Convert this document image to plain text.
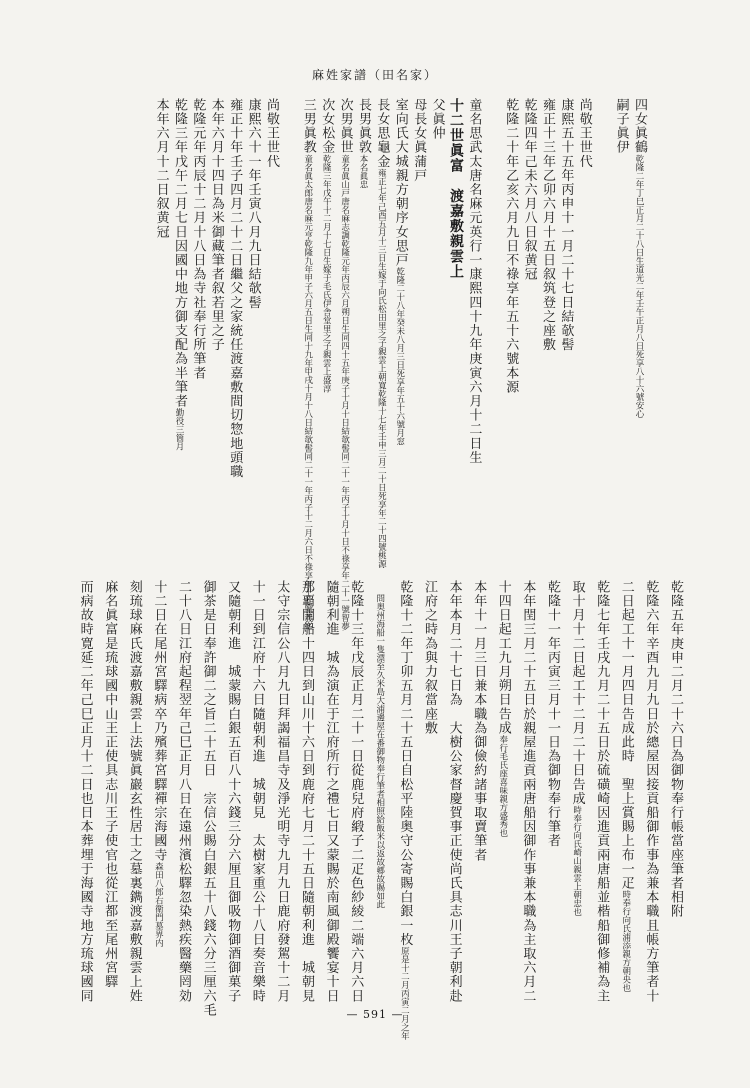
麻姓家譜（田名家）
四女眞鶴乾隆二年丁巳正月二十八日生道光二年壬午正月八日死享八十六號安心
嗣子眞伊
尚敬王世代
康熙五十五年丙申十一月二十七日結欹髻
雍正十三年乙卯六月十五日叙筑登之座敷
乾隆四年己未六月八日叙黄冠
乾隆二十年乙亥六月九日不祿享年五十六號本源
童名思武太唐名麻元英行一康熙四十九年庚寅六月十二日生
十二世眞富　渡嘉敷親雲上
父眞仲
母長女眞蒲戸
室向氏大城親方朝序女思戸乾隆二十八年癸未八月三日死享年五十六號月窓
長女思龜金雍正七年己酉五月十三日生嫁于向氏松田里之子親雲上朝寛乾隆十七年壬申三月二十日死享年二十四號桃源
長男眞敦本名眞忠
次男眞世童名眞山戸唐名麻志調乾隆元年丙辰六月朔日生同四十五年庚子十月十日結欹髻同二十一年丙子十月十日不祿享年二十一號智夢
次女松金乾隆三年戊午十二月十七日生嫁于毛氏伊舎堂里之子親雲上盛淳
三男眞教童名眞太郎唐名麻元亨乾隆九年甲子六月五日生同十九年甲戌十月十八日結欹髻同二十一年丙子十二月六日不祿享年十七號義峯
尚敬王世代
康熙六十一年壬寅八月九日結欹髻
雍正十年壬子四月二十二日繼父之家統任渡嘉敷間切惣地頭職
本年六月十四日為米御藏筆者叙若里之子
乾隆元年丙辰十二月十八日為寺社奉行所筆者
乾隆三年戊午二月七日因國中地方御支配為半筆者勤役三箇月
本年六月十二日叙黄冠
乾隆五年庚申二月二十六日為御物奉行帳當座筆者相附
乾隆六年辛酉九月九日於總屋因接貢船御作事為兼本職且帳方筆者十
二日起工十一月四日告成此時　聖上賞賜上布一疋時奉行向氏浦添親方朝央也
乾隆七年壬戌九月二十五日於硫磺崎因進貢兩唐船並楷船御修補為主
取十月十二日起工十二月二十日告成時奉行向氏崎山親雲上朝忠也
乾隆十一年丙寅三月十一日為御物奉行筆者
本年閏三月二十五日於親屋進貢兩唐船因御作事兼本職為主取六月二
十四日起工九月朔日告成奉行毛氏座喜味親方盛秀也
本年十一月三日兼本職為御儉約諸事取賣筆者
本年本月二十七日為　大樹公家督慶賀事正使尚氏具志川王子朝利赴
江府之時為與力叙當座敷
乾隆十二年丁卯五月二十五日自松平陸奥守公寄賜白銀一枚原是十二月丙寅二月之年
　問奥州海船一隻漂至久米島大浦邊屋在番御物奉行筆者相照給飯米以返故郷故賜如此
乾隆十三年戊辰正月二十一日從鹿兒府緞子二疋色紗綾二端六月六日
隨朝利進　城為演在于江府所行之禮七日又蒙賜於南風御殿饗宴十日
那覇開船十四日到山川十六日到鹿府七月二十五日隨朝利進　城朝見
太守宗信公八月九日拜謁福昌寺及淨光明寺九月九日鹿府發駕十二月
十一日到江府十六日隨朝利進　城朝見　太樹家重公十八日奏音樂時
又隨朝利進　城蒙賜白銀五百八十六錢三分六厘且御吸物御酒御菓子
御茶是日奉許御二之旨二十五日　宗信公賜白銀五十八錢六分三厘六毛
二十八日江府起程翌年己巳正月八日在遠州濱松驛忽染熱疾醫藥罔効
十二日在尾州宮驛病卒乃殯葬宮驛禪宗海國寺森田八郎右衛門墓界内
刻琉球麻氏渡嘉敷親雲上法號眞巖玄性居士之墓裏鐫渡嘉敷親雲上姓
麻名眞富是琉球國中山王正使具志川王子使官也從江都至尾州宮驛
而病故時寛延二年己巳正月十二日也日本葬埋于海國寺地方琉球國同
— 591 —
